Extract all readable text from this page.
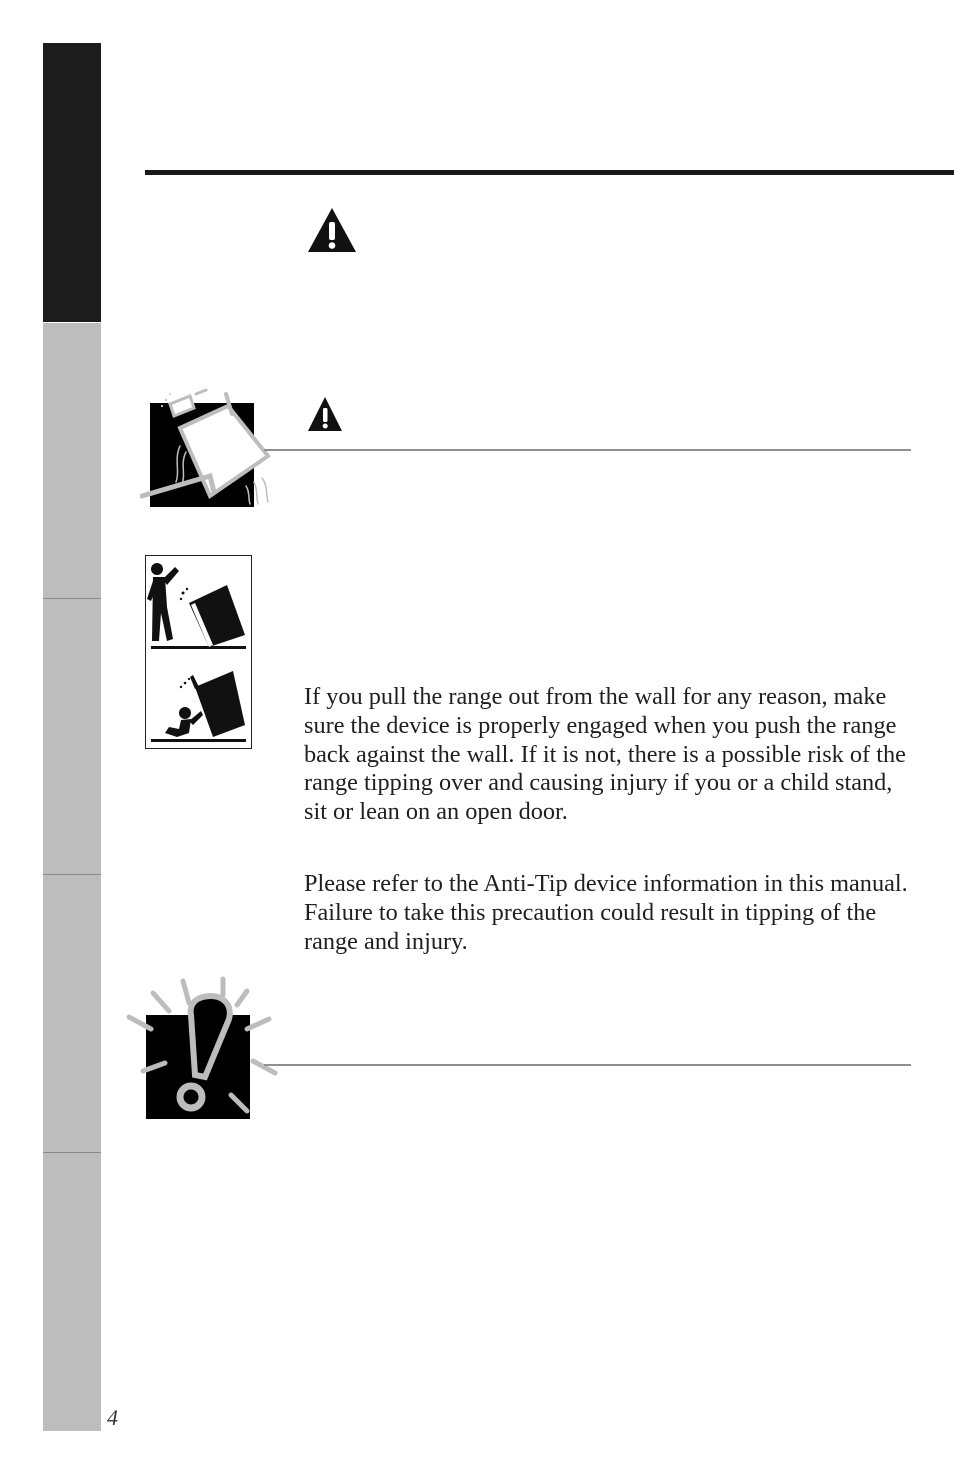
If you pull the range out from the wall for any reason, make sure the device is properly engaged when you push the range back against the wall. If it is not, there is a possible risk of the range tipping over and causing injury if you or a child stand, sit or lean on an open door.

Please refer to the Anti-Tip device information in this manual. Failure to take this precaution could result in tipping of the range and injury.

4
